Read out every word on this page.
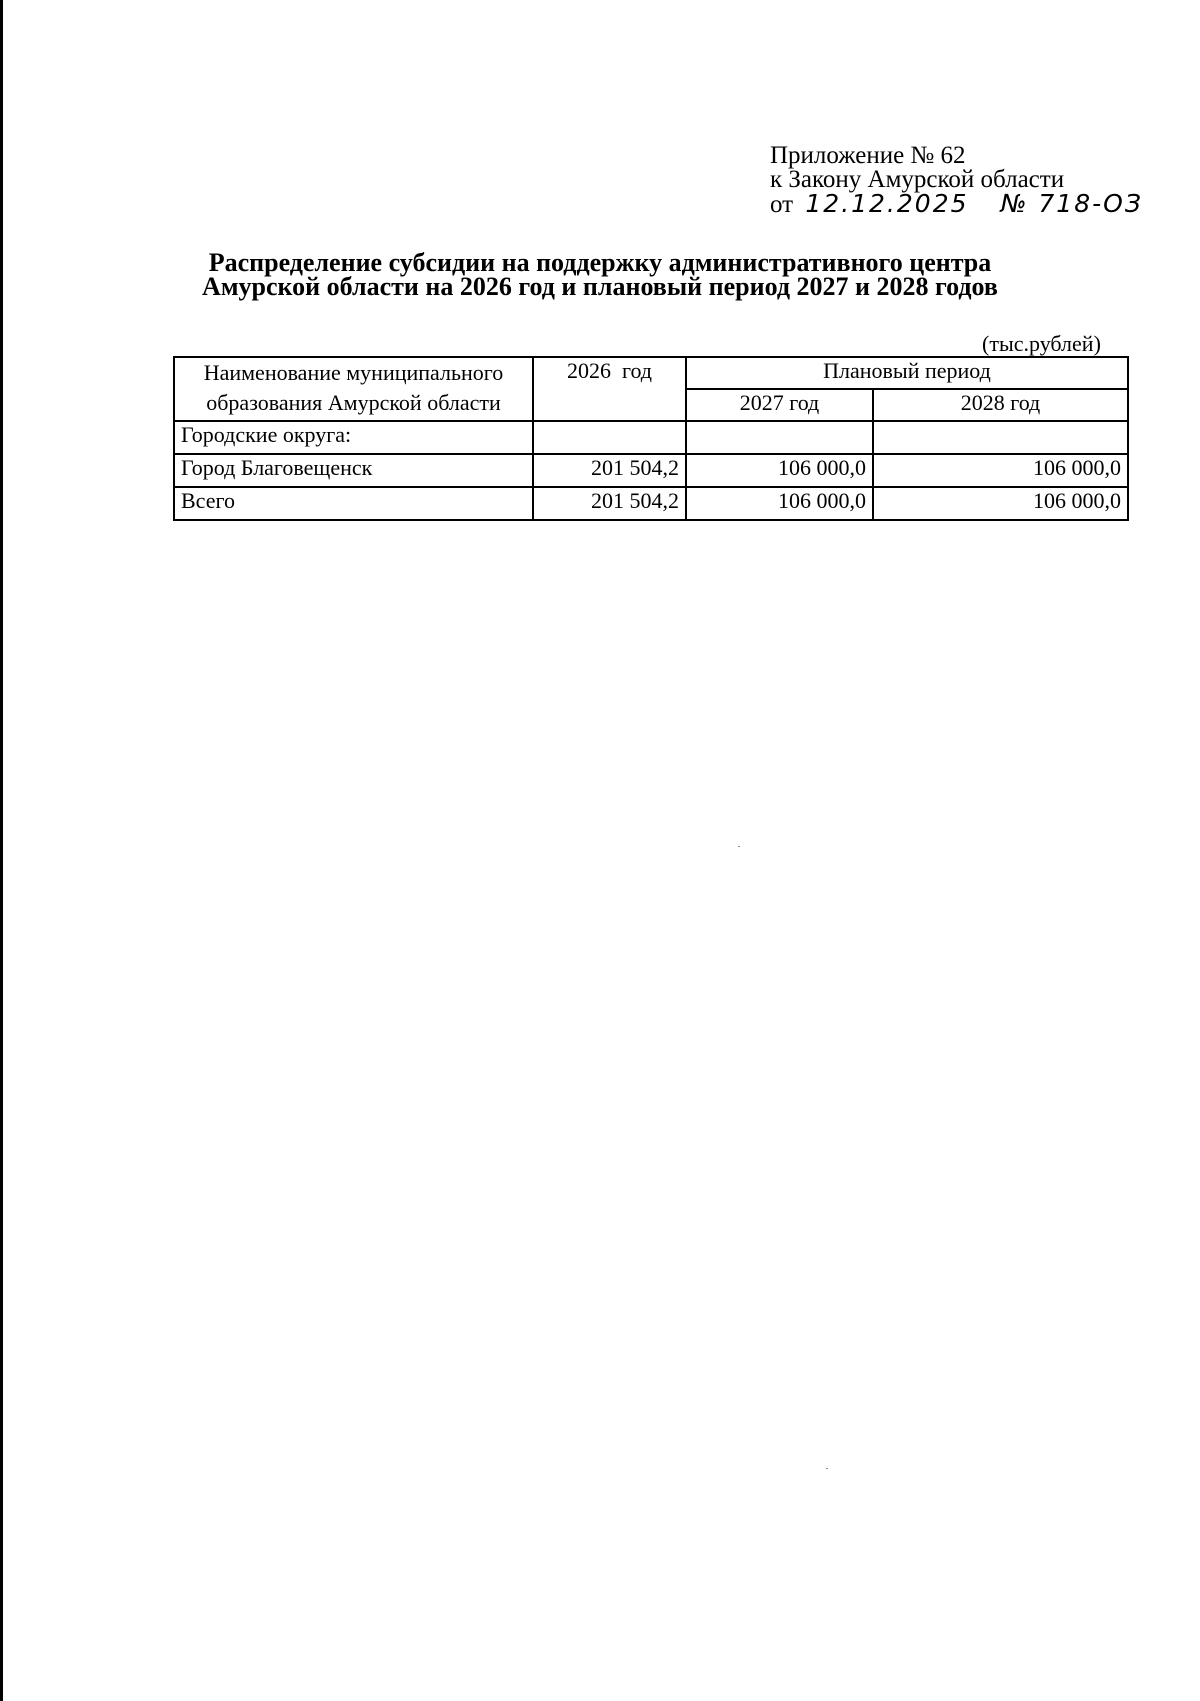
Приложение № 62
к Закону Амурской области
от 12.12.2025 № 718-ОЗ
Распределение субсидии на поддержку административного центра
Амурской области на 2026 год и плановый период 2027 и 2028 годов
(тыс.рублей)
Наименование муниципального образования Амурской области	2026  год	Плановый период	
		2027 год	2028 год
Городские округа:			
Город Благовещенск	201 504,2	106 000,0	106 000,0
Всего	201 504,2	106 000,0	106 000,0
